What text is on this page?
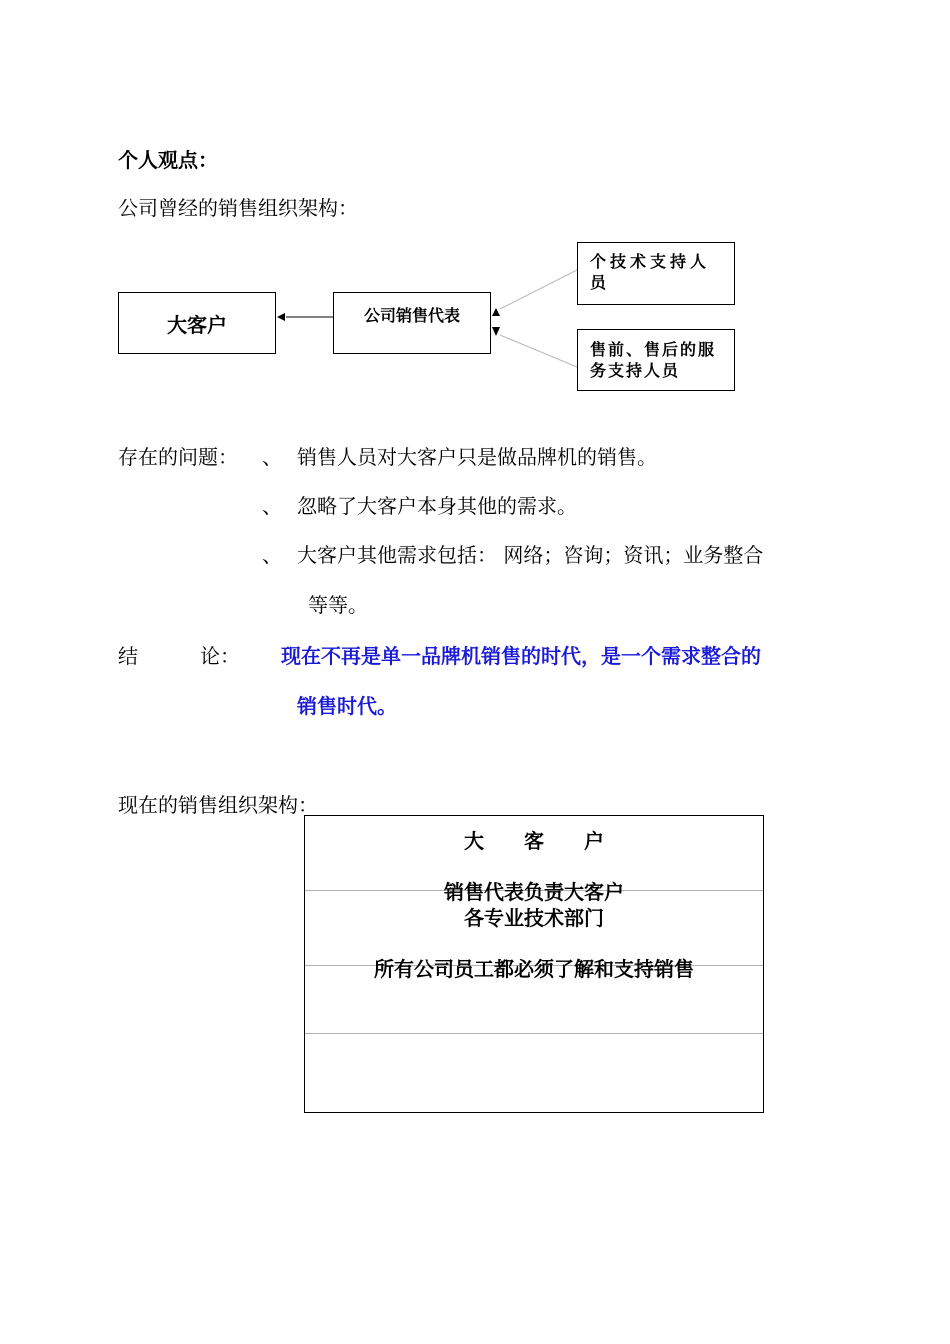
个人观点：
公司曾经的销售组织架构：
大客户	公司销售代表
个技术支持人员
售前、售后的服务支持人员
存在的问题： 、 销售人员对大客户只是做品牌机的销售。
、 忽略了大客户本身其他的需求。
、 大客户其他需求包括： 网络；咨询；资讯；业务整合
等等。
结	论： 现在不再是单一品牌机销售的时代，是一个需求整合的
销售时代。
现在的销售组织架构：
大　　客　　户
销售代表负责大客户
各专业技术部门
所有公司员工都必须了解和支持销售
